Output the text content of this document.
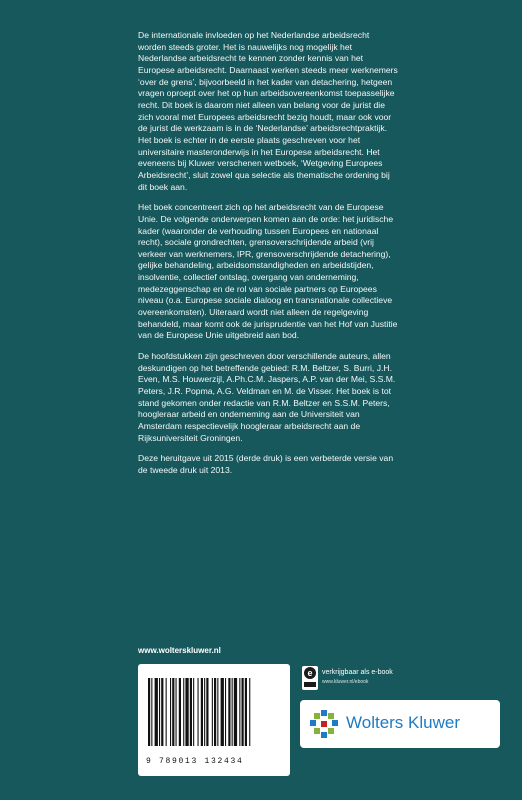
De internationale invloeden op het Nederlandse arbeidsrecht worden steeds groter. Het is nauwelijks nog mogelijk het Nederlandse arbeidsrecht te kennen zonder kennis van het Europese arbeidsrecht. Daarnaast werken steeds meer werknemers ‘over de grens’, bijvoorbeeld in het kader van detachering, hetgeen vragen oproept over het op hun arbeidsovereenkomst toepasselijke recht. Dit boek is daarom niet alleen van belang voor de jurist die zich vooral met Europees arbeidsrecht bezig houdt, maar ook voor de jurist die werkzaam is in de ‘Nederlandse’ arbeidsrechtpraktijk. Het boek is echter in de eerste plaats geschreven voor het universitaire masteronderwijs in het Europese arbeidsrecht. Het eveneens bij Kluwer verschenen wetboek, ‘Wetgeving Europees Arbeidsrecht’, sluit zowel qua selectie als thematische ordening bij dit boek aan.

Het boek concentreert zich op het arbeidsrecht van de Europese Unie. De volgende onderwerpen komen aan de orde: het juridische kader (waaronder de verhouding tussen Europees en nationaal recht), sociale grondrechten, grensoverschrijdende arbeid (vrij verkeer van werknemers, IPR, grensoverschrijdende detachering), gelijke behandeling, arbeidsomstandigheden en arbeidstijden, insolventie, collectief ontslag, overgang van onderneming, medezeggenschap en de rol van sociale partners op Europees niveau (o.a. Europese sociale dialoog en transnationale collectieve overeenkomsten). Uiteraard wordt niet alleen de regelgeving behandeld, maar komt ook de jurisprudentie van het Hof van Justitie van de Europese Unie uitgebreid aan bod.

De hoofdstukken zijn geschreven door verschillende auteurs, allen deskundigen op het betreffende gebied: R.M. Beltzer, S. Burri, J.H. Even, M.S. Houwerzijl, A.Ph.C.M. Jaspers, A.P. van der Mei, S.S.M. Peters, J.R. Popma, A.G. Veldman en M. de Visser. Het boek is tot stand gekomen onder redactie van R.M. Beltzer en S.S.M. Peters, hoogleraar arbeid en onderneming aan de Universiteit van Amsterdam respectievelijk hoogleraar arbeidsrecht aan de Rijksuniversiteit Groningen.

Deze heruitgave uit 2015 (derde druk) is een verbeterde versie van de tweede druk uit 2013.

www.wolterskluwer.nl
9 789013 132434
e	verkrijgbaar als e-book
www.kluwer.nl/ebook
Wolters Kluwer
